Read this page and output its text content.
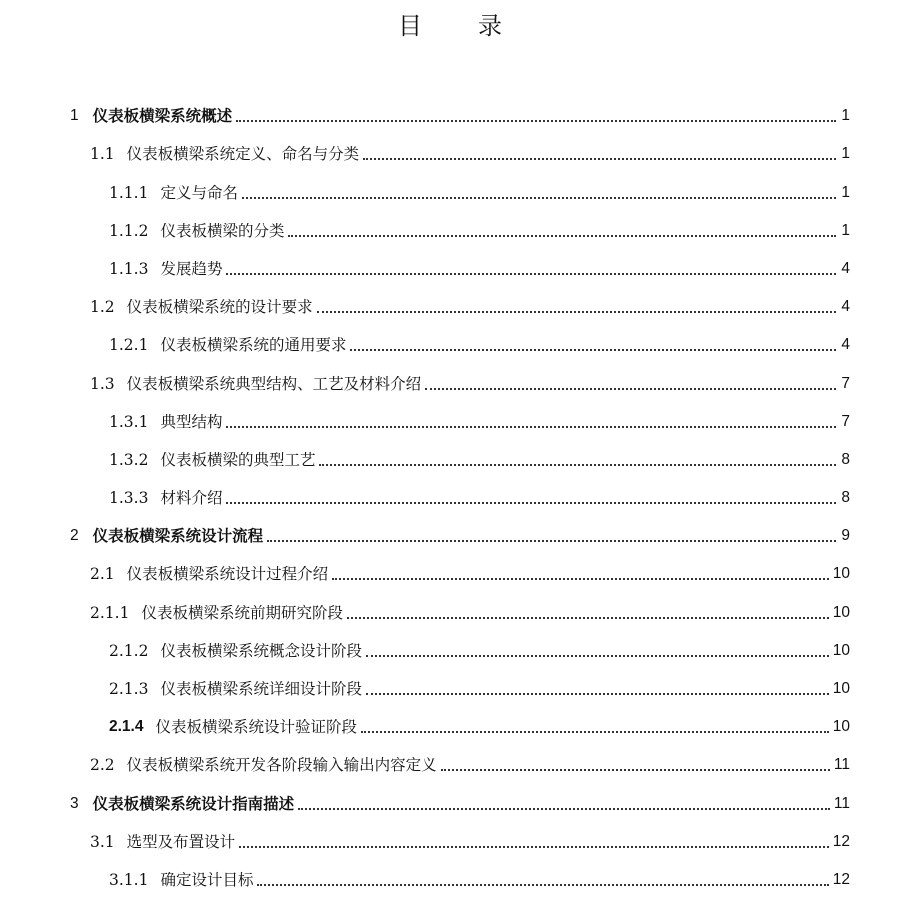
目 录
1 仪表板横梁系统概述	1
1.1 仪表板横梁系统定义、命名与分类	1
1.1.1 定义与命名	1
1.1.2 仪表板横梁的分类	1
1.1.3 发展趋势	4
1.2 仪表板横梁系统的设计要求	4
1.2.1 仪表板横梁系统的通用要求	4
1.3 仪表板横梁系统典型结构、工艺及材料介绍	7
1.3.1 典型结构	7
1.3.2 仪表板横梁的典型工艺	8
1.3.3 材料介绍	8
2 仪表板横梁系统设计流程	9
2.1 仪表板横梁系统设计过程介绍	10
2.1.1 仪表板横梁系统前期研究阶段	10
2.1.2 仪表板横梁系统概念设计阶段	10
2.1.3 仪表板横梁系统详细设计阶段	10
2.1.4 仪表板横梁系统设计验证阶段	10
2.2 仪表板横梁系统开发各阶段输入输出内容定义	11
3 仪表板横梁系统设计指南描述	11
3.1 选型及布置设计	12
3.1.1 确定设计目标	12
